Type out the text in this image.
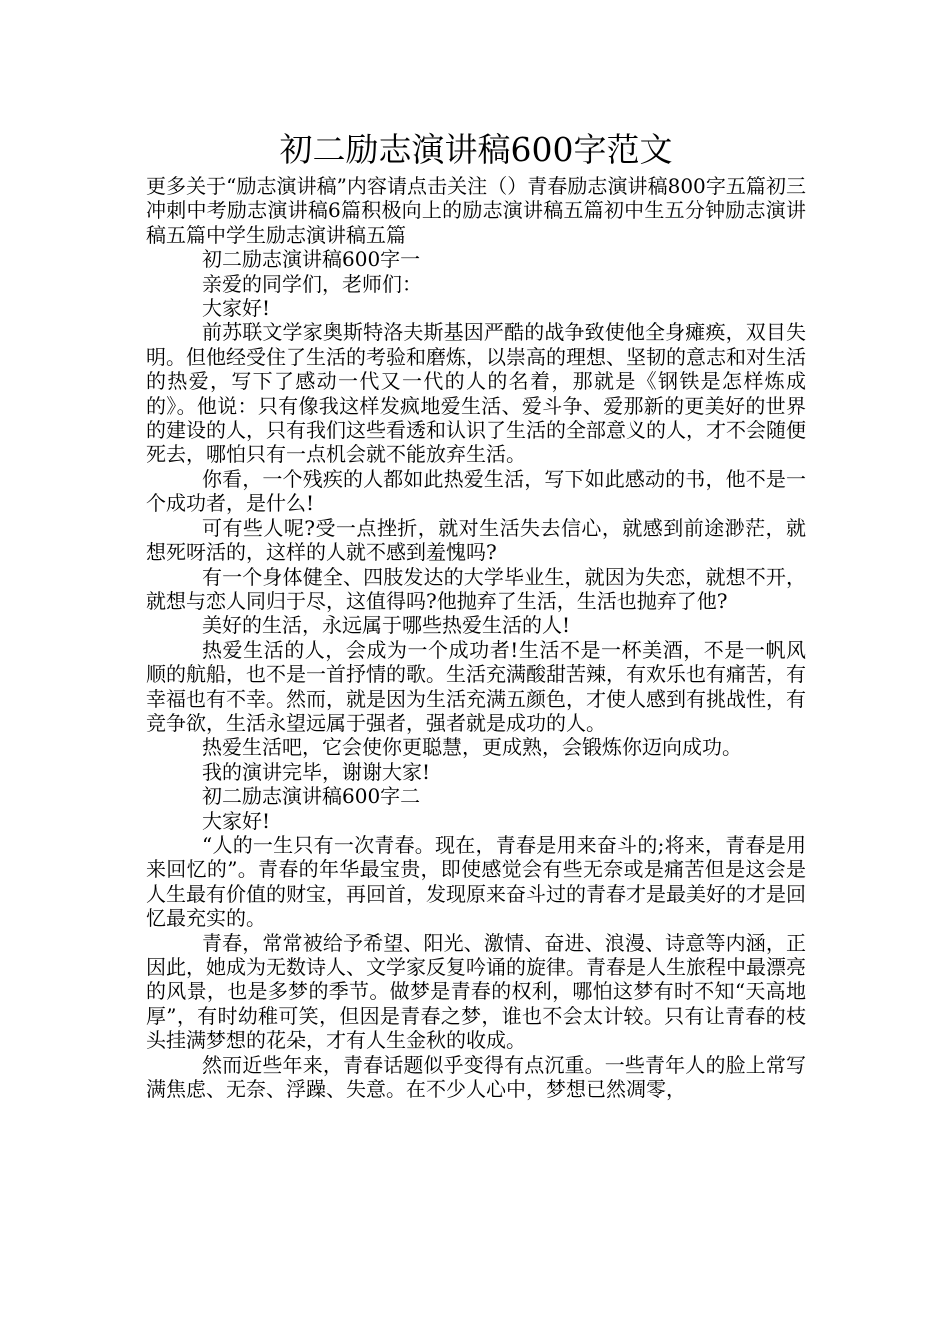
初二励志演讲稿600字范文

更多关于“励志演讲稿”内容请点击关注（）青春励志演讲稿800字五篇初三冲刺中考励志演讲稿6篇积极向上的励志演讲稿五篇初中生五分钟励志演讲稿五篇中学生励志演讲稿五篇

初二励志演讲稿600字一

亲爱的同学们，老师们：

大家好!

前苏联文学家奥斯特洛夫斯基因严酷的战争致使他全身瘫痪，双目失明。但他经受住了生活的考验和磨炼，以崇高的理想、坚韧的意志和对生活的热爱，写下了感动一代又一代的人的名着，那就是《钢铁是怎样炼成的》。他说：只有像我这样发疯地爱生活、爱斗争、爱那新的更美好的世界的建设的人，只有我们这些看透和认识了生活的全部意义的人，才不会随便死去，哪怕只有一点机会就不能放弃生活。

你看，一个残疾的人都如此热爱生活，写下如此感动的书，他不是一个成功者，是什么!

可有些人呢?受一点挫折，就对生活失去信心，就感到前途渺茫，就想死呀活的，这样的人就不感到羞愧吗?

有一个身体健全、四肢发达的大学毕业生，就因为失恋，就想不开，就想与恋人同归于尽，这值得吗?他抛弃了生活，生活也抛弃了他?

美好的生活，永远属于哪些热爱生活的人!

热爱生活的人，会成为一个成功者!生活不是一杯美酒，不是一帆风顺的航船，也不是一首抒情的歌。生活充满酸甜苦辣，有欢乐也有痛苦，有幸福也有不幸。然而，就是因为生活充满五颜色，才使人感到有挑战性，有竞争欲，生活永望远属于强者，强者就是成功的人。

热爱生活吧，它会使你更聪慧，更成熟，会锻炼你迈向成功。

我的演讲完毕，谢谢大家!

初二励志演讲稿600字二

大家好!

“人的一生只有一次青春。现在，青春是用来奋斗的;将来，青春是用来回忆的”。青春的年华最宝贵，即使感觉会有些无奈或是痛苦但是这会是人生最有价值的财宝，再回首，发现原来奋斗过的青春才是最美好的才是回忆最充实的。

青春，常常被给予希望、阳光、激情、奋进、浪漫、诗意等内涵，正因此，她成为无数诗人、文学家反复吟诵的旋律。青春是人生旅程中最漂亮的风景，也是多梦的季节。做梦是青春的权利，哪怕这梦有时不知“天高地厚”，有时幼稚可笑，但因是青春之梦，谁也不会太计较。只有让青春的枝头挂满梦想的花朵，才有人生金秋的收成。

然而近些年来，青春话题似乎变得有点沉重。一些青年人的脸上常写满焦虑、无奈、浮躁、失意。在不少人心中，梦想已然凋零，
